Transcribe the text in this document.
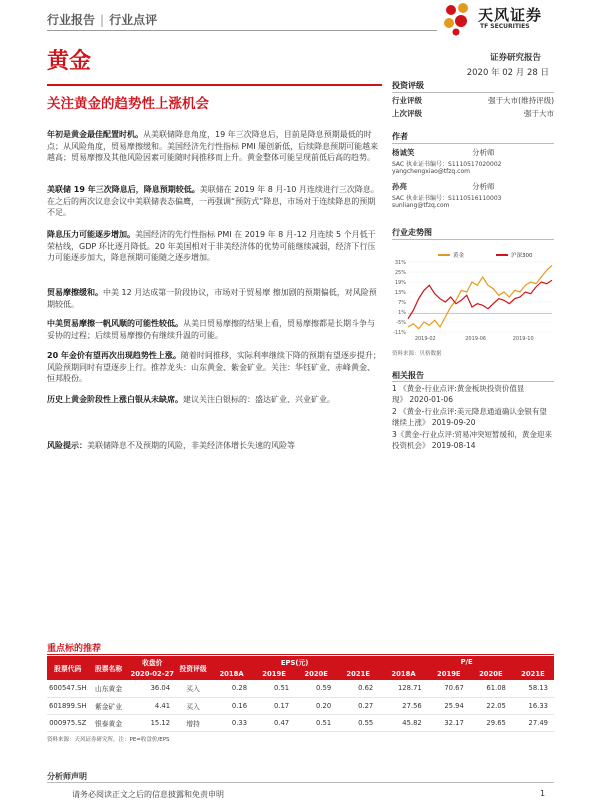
行业报告 | 行业点评	天风证券
TF SECURITIES
黄金	证券研究报告
2020 年 02 月 28 日
关注黄金的趋势性上涨机会
投资评级
行业评级	强于大市(维持评级)
上次评级	强于大市
作者
杨诚笑	分析师
SAC 执业证书编号：S1110517020002
yangchengxiao@tfzq.com
孙亮	分析师
SAC 执业证书编号：S1110516110003
sunliang@tfzq.com
行业走势图
31%
25%
19%
13%
7%
1%
-5%
-11%
2019-02	2019-06	2019-10
黄金	沪深300
资料来源：贝格数据
相关报告
1 《黄金-行业点评:黄金板块投资价值显现》 2020-01-06
2 《黄金-行业点评:美元降息通道确认金银有望继续上涨》 2019-09-20
3《黄金-行业点评:贸易冲突短暂缓和，黄金迎来投资机会》 2019-08-14
年初是黄金最佳配置时机。从美联储降息角度，19 年三次降息后，目前是降息预期最低的时点；从风险角度，贸易摩擦缓和。美国经济先行性指标 PMI 屡创新低，后续降息预期可能越来越高；贸易摩擦及其他风险因素可能随时间推移而上升。黄金整体可能呈现前低后高的趋势。
美联储 19 年三次降息后，降息预期较低。美联储在 2019 年 8 月-10 月连续进行三次降息。在之后的两次议息会议中美联储表态偏鹰，一再强调“预防式”降息，市场对于连续降息的预期不足。
降息压力可能逐步增加。美国经济的先行性指标 PMI 在 2019 年 8 月-12 月连续 5 个月低于荣枯线，GDP 环比逐月降低。20 年美国相对于非美经济体的优势可能继续减弱，经济下行压力可能逐步加大，降息预期可能随之逐步增加。
贸易摩擦缓和。中美 12 月达成第一阶段协议，市场对于贸易摩 擦加剧的预期偏低，对风险预期较低。
中美贸易摩擦一帆风顺的可能性较低。从美日贸易摩擦的结果上看，贸易摩擦都是长期斗争与妥协的过程；后续贸易摩擦仍有继续升温的可能。
20 年金价有望再次出现趋势性上涨。随着时间推移，实际利率继续下降的预期有望逐步提升；风险预期同时有望逐步上行。推荐龙头：山东黄金、紫金矿业。关注：华钰矿业、赤峰黄金、恒邦股份。
历史上黄金阶段性上涨白银从未缺席。建议关注白银标的：盛达矿业、兴业矿业。
风险提示：美联储降息不及预期的风险，非美经济体增长失速的风险等
重点标的推荐
股票代码	股票名称	收盘价	投资评级	EPS(元)				P/E			
		2020-02-27		2018A	2019E	2020E	2021E	2018A	2019E	2020E	2021E
600547.SH	山东黄金	36.04	买入	0.28	0.51	0.59	0.62	128.71	70.67	61.08	58.13
601899.SH	紫金矿业	4.41	买入	0.16	0.17	0.20	0.27	27.56	25.94	22.05	16.33
000975.SZ	银泰黄金	15.12	增持	0.33	0.47	0.51	0.55	45.82	32.17	29.65	27.49
资料来源：天风证券研究所，注：PE=收盘价/EPS
分析师声明
请务必阅读正文之后的信息披露和免责申明	1
